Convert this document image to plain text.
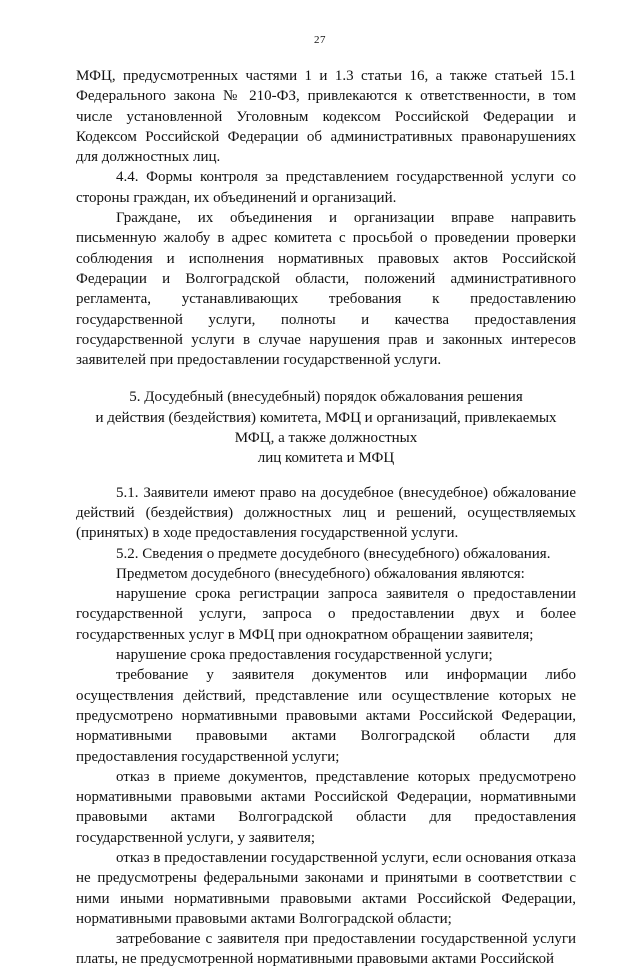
27

МФЦ, предусмотренных частями 1 и 1.3 статьи 16, а также статьей 15.1 Федерального закона № 210-ФЗ, привлекаются к ответственности, в том числе установленной Уголовным кодексом Российской Федерации и Кодексом Российской Федерации об административных правонарушениях для должностных лиц.

4.4. Формы контроля за представлением государственной услуги со стороны граждан, их объединений и организаций.

Граждане, их объединения и организации вправе направить письменную жалобу в адрес комитета с просьбой о проведении проверки соблюдения и исполнения нормативных правовых актов Российской Федерации и Волгоградской области, положений административного регламента, устанавливающих требования к предоставлению государственной услуги, полноты и качества предоставления государственной услуги в случае нарушения прав и законных интересов заявителей при предоставлении государственной услуги.

5. Досудебный (внесудебный) порядок обжалования решения
и действия (бездействия) комитета, МФЦ и организаций, привлекаемых
МФЦ, а также должностных
лиц комитета и МФЦ

5.1. Заявители имеют право на досудебное (внесудебное) обжалование действий (бездействия) должностных лиц и решений, осуществляемых (принятых) в ходе предоставления государственной услуги.

5.2. Сведения о предмете досудебного (внесудебного) обжалования.

Предметом досудебного (внесудебного) обжалования являются:

нарушение срока регистрации запроса заявителя о предоставлении государственной услуги, запроса о предоставлении двух и более государственных услуг в МФЦ при однократном обращении заявителя;

нарушение срока предоставления государственной услуги;

требование у заявителя документов или информации либо осуществления действий, представление или осуществление которых не предусмотрено нормативными правовыми актами Российской Федерации, нормативными правовыми актами Волгоградской области для предоставления государственной услуги;

отказ в приеме документов, представление которых предусмотрено нормативными правовыми актами Российской Федерации, нормативными правовыми актами Волгоградской области для предоставления государственной услуги, у заявителя;

отказ в предоставлении государственной услуги, если основания отказа не предусмотрены федеральными законами и принятыми в соответствии с ними иными нормативными правовыми актами Российской Федерации, нормативными правовыми актами Волгоградской области;

затребование с заявителя при предоставлении государственной услуги платы, не предусмотренной нормативными правовыми актами Российской
